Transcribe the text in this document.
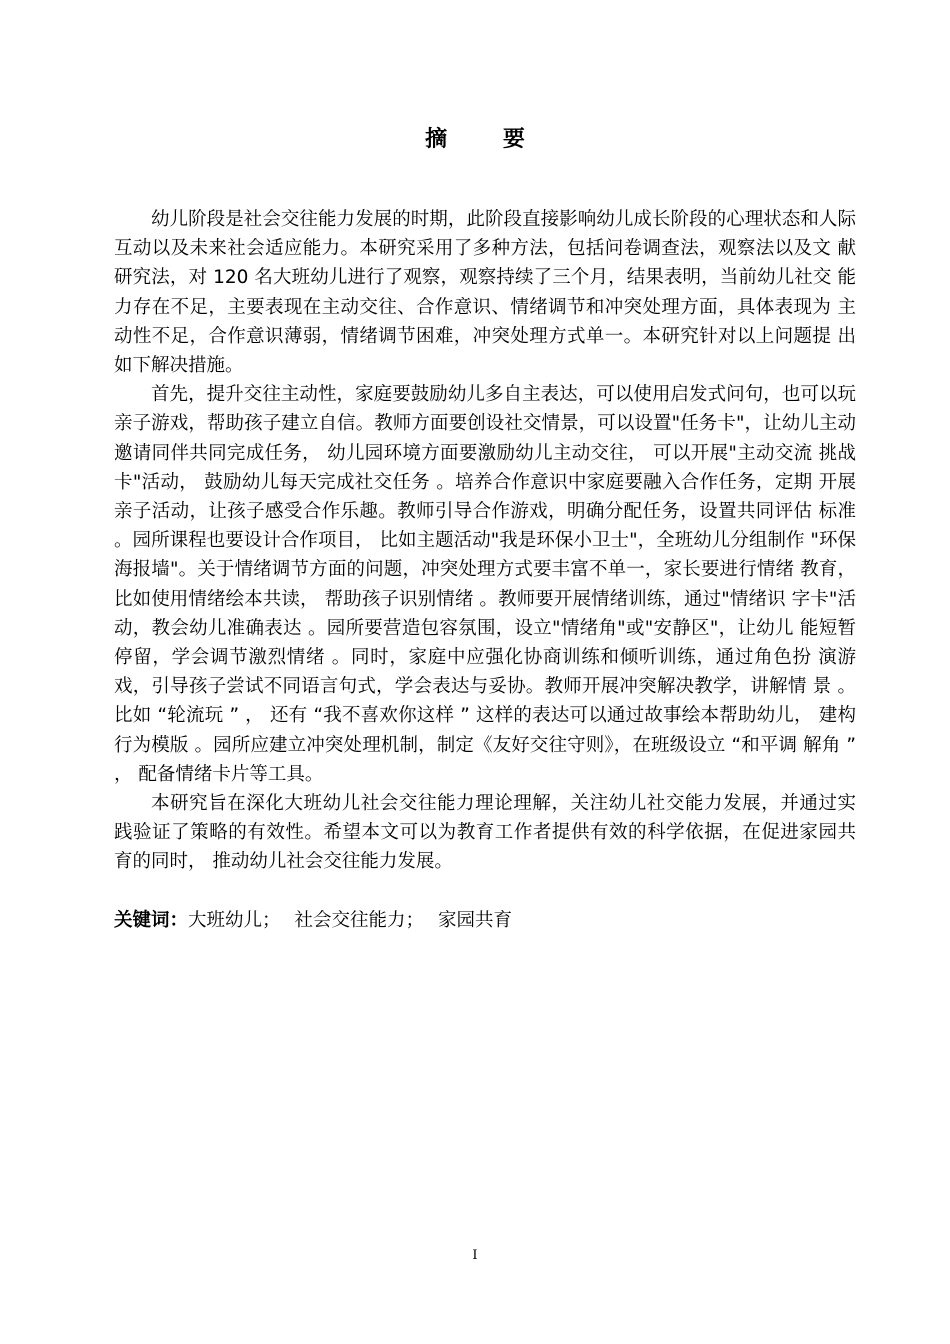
摘 要

幼儿阶段是社会交往能力发展的时期，此阶段直接影响幼儿成长阶段的心理状态和人际互动以及未来社会适应能力。本研究采用了多种方法，包括问卷调查法，观察法以及文 献研究法，对 120 名大班幼儿进行了观察，观察持续了三个月，结果表明，当前幼儿社交 能力存在不足，主要表现在主动交往、合作意识、情绪调节和冲突处理方面，具体表现为 主动性不足，合作意识薄弱，情绪调节困难，冲突处理方式单一。本研究针对以上问题提 出如下解决措施。

首先，提升交往主动性，家庭要鼓励幼儿多自主表达，可以使用启发式问句，也可以玩亲子游戏，帮助孩子建立自信。教师方面要创设社交情景，可以设置"任务卡"，让幼儿主动邀请同伴共同完成任务， 幼儿园环境方面要激励幼儿主动交往， 可以开展"主动交流 挑战卡"活动， 鼓励幼儿每天完成社交任务 。培养合作意识中家庭要融入合作任务，定期 开展亲子活动，让孩子感受合作乐趣。教师引导合作游戏，明确分配任务，设置共同评估 标准 。园所课程也要设计合作项目， 比如主题活动"我是环保小卫士"，全班幼儿分组制作 "环保海报墙"。关于情绪调节方面的问题，冲突处理方式要丰富不单一，家长要进行情绪 教育， 比如使用情绪绘本共读， 帮助孩子识别情绪 。教师要开展情绪训练，通过"情绪识 字卡"活动，教会幼儿准确表达 。园所要营造包容氛围，设立"情绪角"或"安静区"，让幼儿 能短暂停留，学会调节激烈情绪 。同时，家庭中应强化协商训练和倾听训练，通过角色扮 演游戏，引导孩子尝试不同语言句式，学会表达与妥协。教师开展冲突解决教学，讲解情 景 。 比如 “轮流玩 ” ， 还有 “我不喜欢你这样 ” 这样的表达可以通过故事绘本帮助幼儿， 建构行为模版 。园所应建立冲突处理机制，制定《友好交往守则》，在班级设立 “和平调 解角 ” ， 配备情绪卡片等工具。

本研究旨在深化大班幼儿社会交往能力理论理解，关注幼儿社交能力发展，并通过实 践验证了策略的有效性。希望本文可以为教育工作者提供有效的科学依据，在促进家园共 育的同时， 推动幼儿社会交往能力发展。

关键词：大班幼儿； 社会交往能力； 家园共育
I
